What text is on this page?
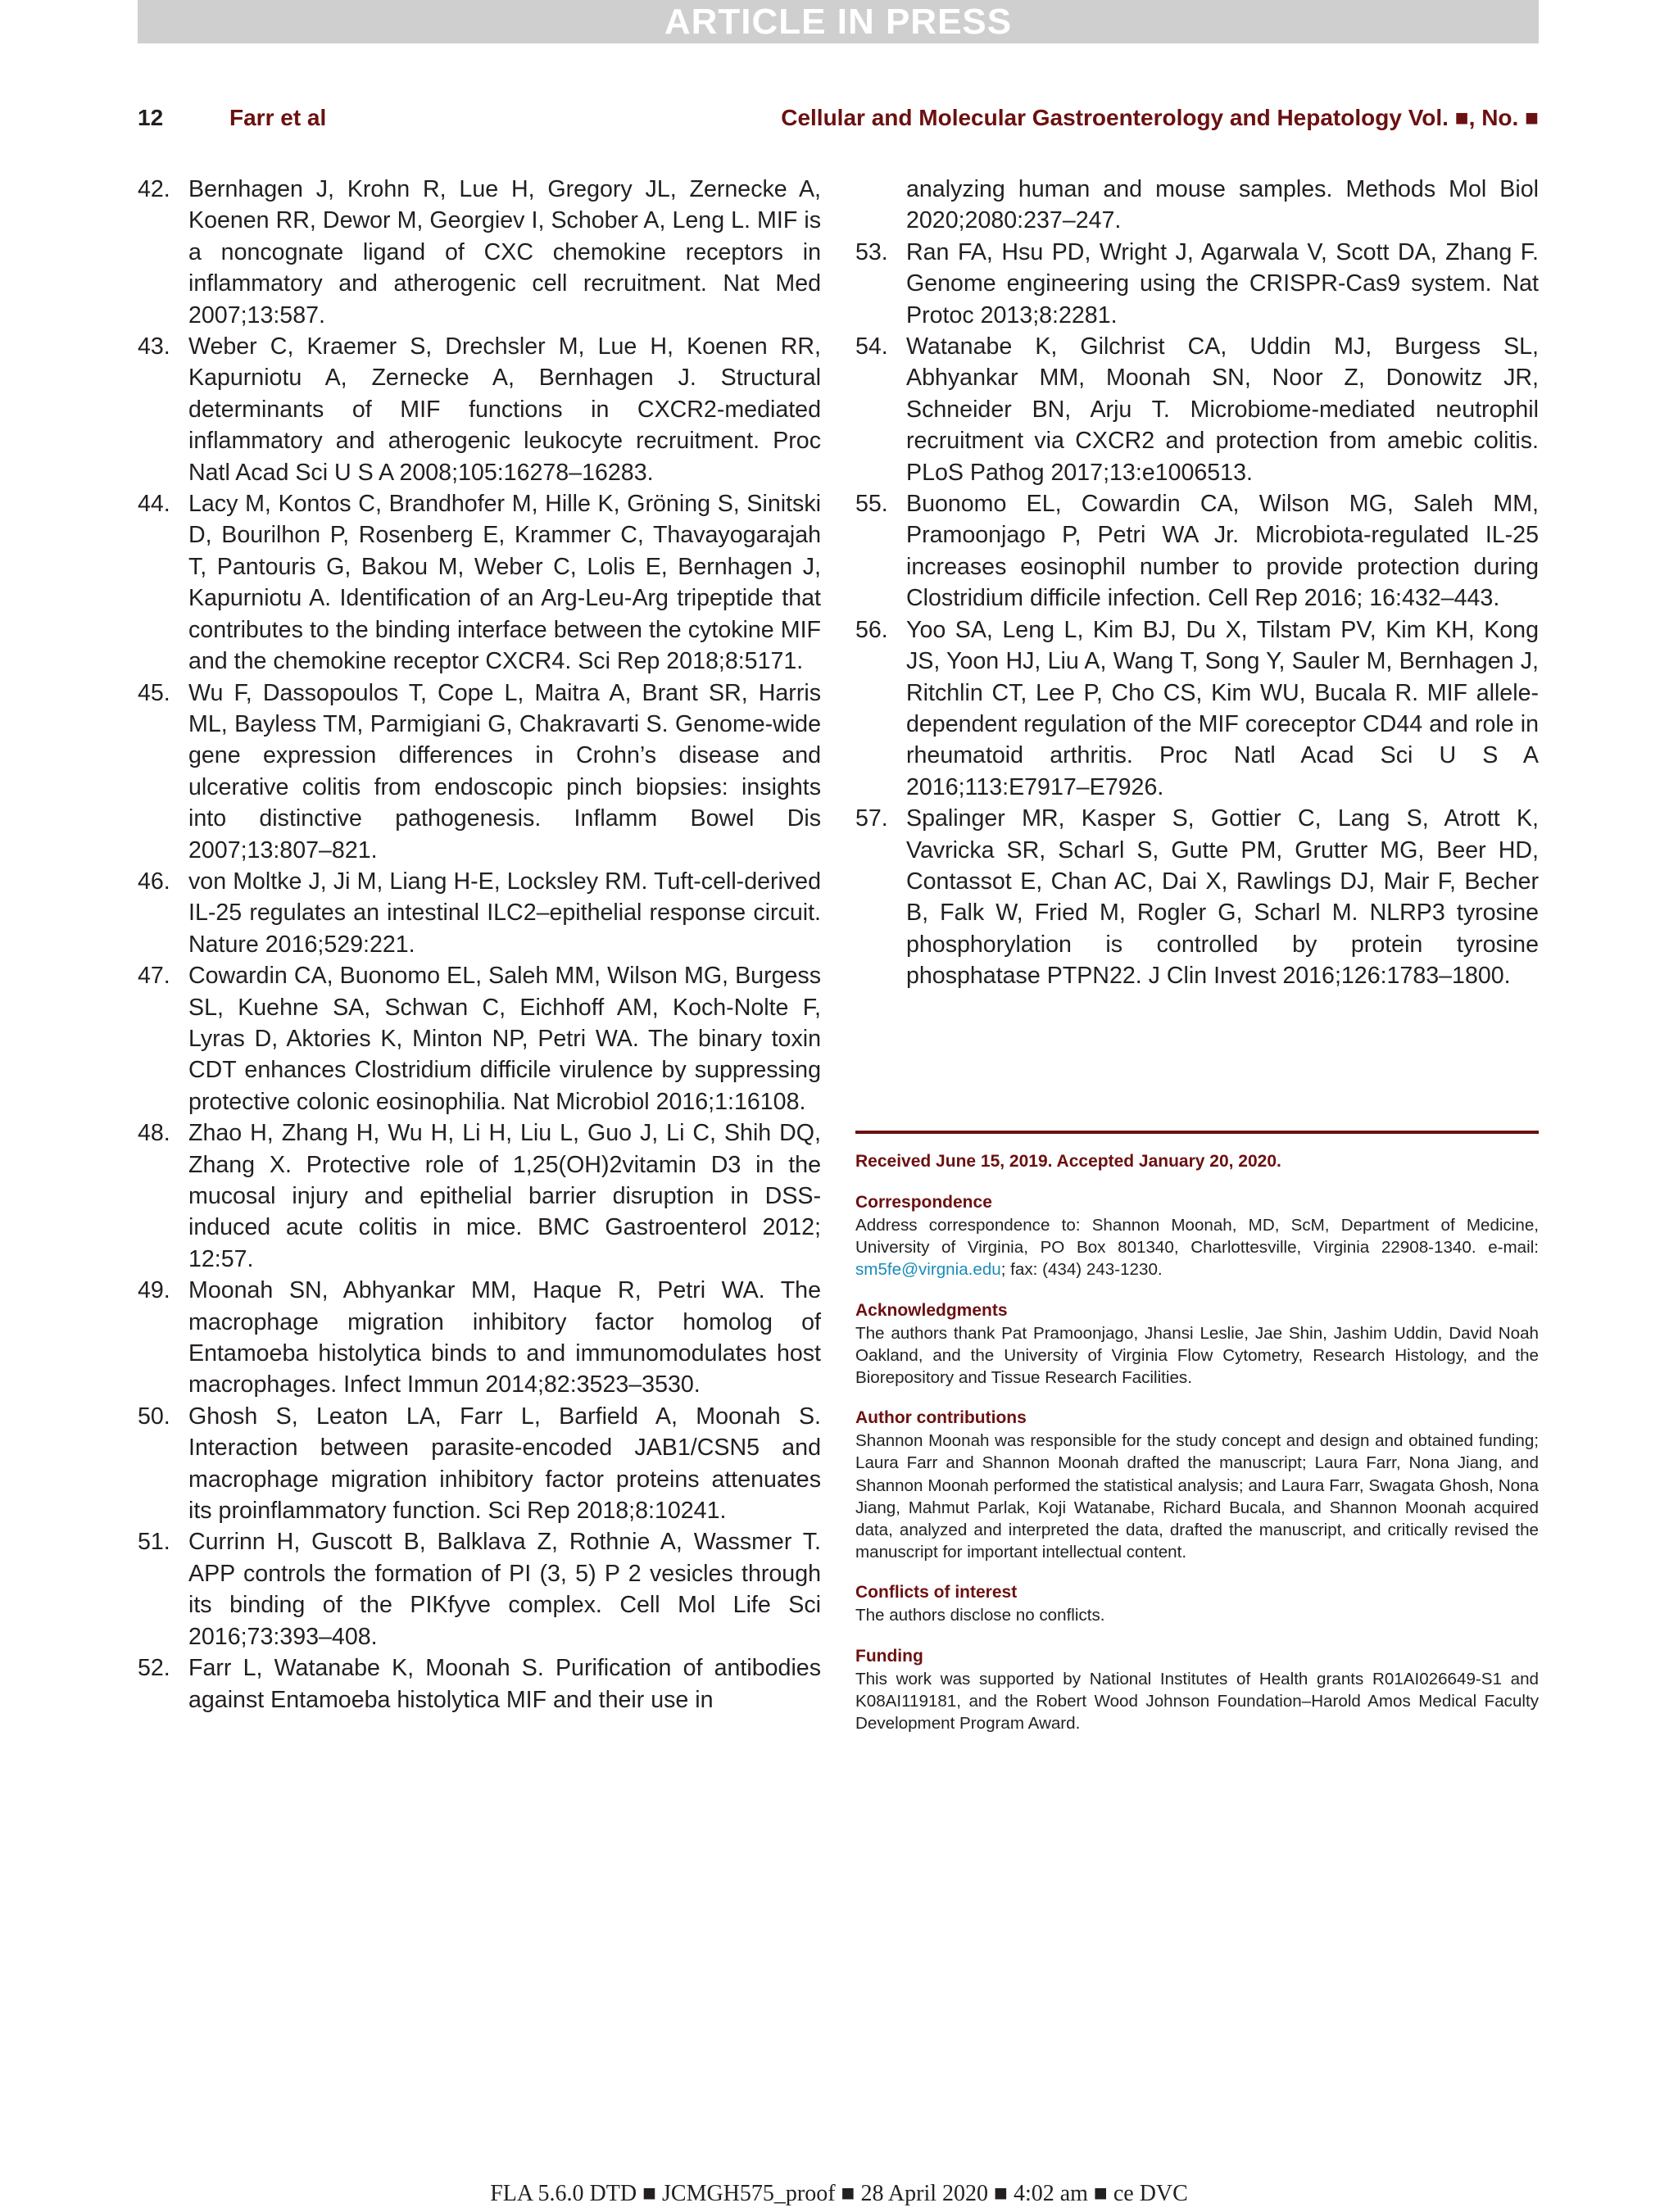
ARTICLE IN PRESS
12	Farr et al	Cellular and Molecular Gastroenterology and Hepatology Vol. ■, No. ■
42. Bernhagen J, Krohn R, Lue H, Gregory JL, Zernecke A, Koenen RR, Dewor M, Georgiev I, Schober A, Leng L. MIF is a noncognate ligand of CXC chemokine receptors in inflammatory and atherogenic cell recruitment. Nat Med 2007;13:587.
43. Weber C, Kraemer S, Drechsler M, Lue H, Koenen RR, Kapurniotu A, Zernecke A, Bernhagen J. Structural determinants of MIF functions in CXCR2-mediated inflammatory and atherogenic leukocyte recruitment. Proc Natl Acad Sci U S A 2008;105:16278–16283.
44. Lacy M, Kontos C, Brandhofer M, Hille K, Gröning S, Sinitski D, Bourilhon P, Rosenberg E, Krammer C, Thavayogarajah T, Pantouris G, Bakou M, Weber C, Lolis E, Bernhagen J, Kapurniotu A. Identification of an Arg-Leu-Arg tripeptide that contributes to the binding interface between the cytokine MIF and the chemokine receptor CXCR4. Sci Rep 2018;8:5171.
45. Wu F, Dassopoulos T, Cope L, Maitra A, Brant SR, Harris ML, Bayless TM, Parmigiani G, Chakravarti S. Genome-wide gene expression differences in Crohn’s disease and ulcerative colitis from endoscopic pinch biopsies: insights into distinctive pathogenesis. Inflamm Bowel Dis 2007;13:807–821.
46. von Moltke J, Ji M, Liang H-E, Locksley RM. Tuft-cell-derived IL-25 regulates an intestinal ILC2–epithelial response circuit. Nature 2016;529:221.
47. Cowardin CA, Buonomo EL, Saleh MM, Wilson MG, Burgess SL, Kuehne SA, Schwan C, Eichhoff AM, Koch-Nolte F, Lyras D, Aktories K, Minton NP, Petri WA. The binary toxin CDT enhances Clostridium difficile virulence by suppressing protective colonic eosinophilia. Nat Microbiol 2016;1:16108.
48. Zhao H, Zhang H, Wu H, Li H, Liu L, Guo J, Li C, Shih DQ, Zhang X. Protective role of 1,25(OH)2vitamin D3 in the mucosal injury and epithelial barrier disruption in DSS-induced acute colitis in mice. BMC Gastroenterol 2012; 12:57.
49. Moonah SN, Abhyankar MM, Haque R, Petri WA. The macrophage migration inhibitory factor homolog of Entamoeba histolytica binds to and immunomodulates host macrophages. Infect Immun 2014;82:3523–3530.
50. Ghosh S, Leaton LA, Farr L, Barfield A, Moonah S. Interaction between parasite-encoded JAB1/CSN5 and macrophage migration inhibitory factor proteins attenuates its proinflammatory function. Sci Rep 2018;8:10241.
51. Currinn H, Guscott B, Balklava Z, Rothnie A, Wassmer T. APP controls the formation of PI (3, 5) P 2 vesicles through its binding of the PIKfyve complex. Cell Mol Life Sci 2016;73:393–408.
52. Farr L, Watanabe K, Moonah S. Purification of antibodies against Entamoeba histolytica MIF and their use in
analyzing human and mouse samples. Methods Mol Biol 2020;2080:237–247.
53. Ran FA, Hsu PD, Wright J, Agarwala V, Scott DA, Zhang F. Genome engineering using the CRISPR-Cas9 system. Nat Protoc 2013;8:2281.
54. Watanabe K, Gilchrist CA, Uddin MJ, Burgess SL, Abhyankar MM, Moonah SN, Noor Z, Donowitz JR, Schneider BN, Arju T. Microbiome-mediated neutrophil recruitment via CXCR2 and protection from amebic colitis. PLoS Pathog 2017;13:e1006513.
55. Buonomo EL, Cowardin CA, Wilson MG, Saleh MM, Pramoonjago P, Petri WA Jr. Microbiota-regulated IL-25 increases eosinophil number to provide protection during Clostridium difficile infection. Cell Rep 2016; 16:432–443.
56. Yoo SA, Leng L, Kim BJ, Du X, Tilstam PV, Kim KH, Kong JS, Yoon HJ, Liu A, Wang T, Song Y, Sauler M, Bernhagen J, Ritchlin CT, Lee P, Cho CS, Kim WU, Bucala R. MIF allele-dependent regulation of the MIF coreceptor CD44 and role in rheumatoid arthritis. Proc Natl Acad Sci U S A 2016;113:E7917–E7926.
57. Spalinger MR, Kasper S, Gottier C, Lang S, Atrott K, Vavricka SR, Scharl S, Gutte PM, Grutter MG, Beer HD, Contassot E, Chan AC, Dai X, Rawlings DJ, Mair F, Becher B, Falk W, Fried M, Rogler G, Scharl M. NLRP3 tyrosine phosphorylation is controlled by protein tyrosine phosphatase PTPN22. J Clin Invest 2016;126:1783–1800.
Received June 15, 2019. Accepted January 20, 2020.
Correspondence
Address correspondence to: Shannon Moonah, MD, ScM, Department of Medicine, University of Virginia, PO Box 801340, Charlottesville, Virginia 22908-1340. e-mail: sm5fe@virgnia.edu; fax: (434) 243-1230.
Acknowledgments
The authors thank Pat Pramoonjago, Jhansi Leslie, Jae Shin, Jashim Uddin, David Noah Oakland, and the University of Virginia Flow Cytometry, Research Histology, and the Biorepository and Tissue Research Facilities.
Author contributions
Shannon Moonah was responsible for the study concept and design and obtained funding; Laura Farr and Shannon Moonah drafted the manuscript; Laura Farr, Nona Jiang, and Shannon Moonah performed the statistical analysis; and Laura Farr, Swagata Ghosh, Nona Jiang, Mahmut Parlak, Koji Watanabe, Richard Bucala, and Shannon Moonah acquired data, analyzed and interpreted the data, drafted the manuscript, and critically revised the manuscript for important intellectual content.
Conflicts of interest
The authors disclose no conflicts.
Funding
This work was supported by National Institutes of Health grants R01AI026649-S1 and K08AI119181, and the Robert Wood Johnson Foundation–Harold Amos Medical Faculty Development Program Award.
FLA 5.6.0 DTD ■ JCMGH575_proof ■ 28 April 2020 ■ 4:02 am ■ ce DVC
